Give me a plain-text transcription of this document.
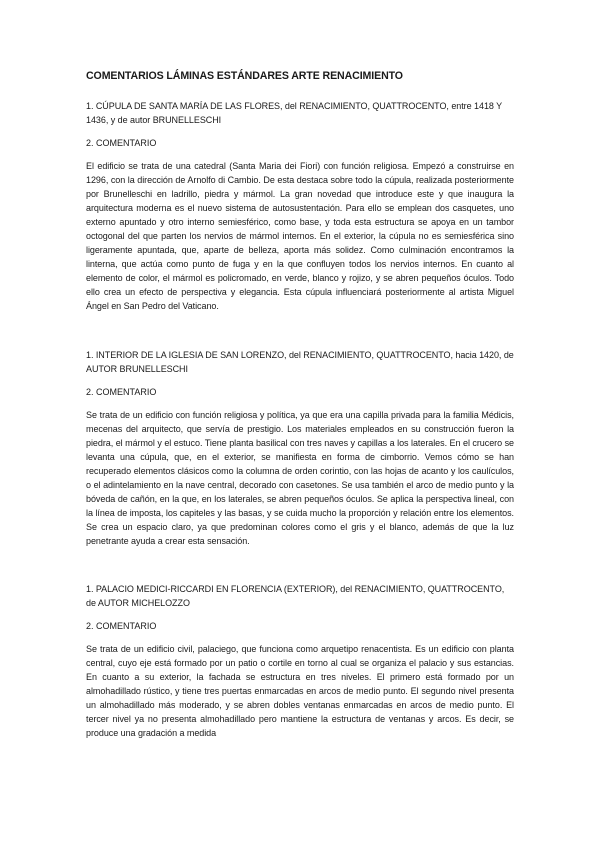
COMENTARIOS LÁMINAS ESTÁNDARES ARTE RENACIMIENTO

1. CÚPULA DE SANTA MARÍA DE LAS FLORES, del RENACIMIENTO, QUATTROCENTO, entre 1418 Y 1436, y de autor BRUNELLESCHI

2. COMENTARIO

El edificio se trata de una catedral (Santa Maria dei Fiori) con función religiosa. Empezó a construirse en 1296, con la dirección de Arnolfo di Cambio. De esta destaca sobre todo la cúpula, realizada posteriormente por Brunelleschi en ladrillo, piedra y mármol. La gran novedad que introduce este y que inaugura la arquitectura moderna es el nuevo sistema de autosustentación. Para ello se emplean dos casquetes, uno externo apuntado y otro interno semiesférico, como base, y toda esta estructura se apoya en un tambor octogonal del que parten los nervios de mármol internos. En el exterior, la cúpula no es semiesférica sino ligeramente apuntada, que, aparte de belleza, aporta más solidez. Como culminación encontramos la linterna, que actúa como punto de fuga y en la que confluyen todos los nervios internos. En cuanto al elemento de color, el mármol es policromado, en verde, blanco y rojizo, y se abren pequeños óculos. Todo ello crea un efecto de perspectiva y elegancia. Esta cúpula influenciará posteriormente al artista Miguel Ángel en San Pedro del Vaticano.

1. INTERIOR DE LA IGLESIA DE SAN LORENZO, del RENACIMIENTO, QUATTROCENTO, hacia 1420, de AUTOR BRUNELLESCHI

2. COMENTARIO

Se trata de un edificio con función religiosa y política, ya que era una capilla privada para la familia Médicis, mecenas del arquitecto, que servía de prestigio. Los materiales empleados en su construcción fueron la piedra, el mármol y el estuco. Tiene planta basilical con tres naves y capillas a los laterales. En el crucero se levanta una cúpula, que, en el exterior, se manifiesta en forma de cimborrio. Vemos cómo se han recuperado elementos clásicos como la columna de orden corintio, con las hojas de acanto y los caulículos, o el adintelamiento en la nave central, decorado con casetones. Se usa también el arco de medio punto y la bóveda de cañón, en la que, en los laterales, se abren pequeños óculos. Se aplica la perspectiva lineal, con la línea de imposta, los capiteles y las basas, y se cuida mucho la proporción y relación entre los elementos. Se crea un espacio claro, ya que predominan colores como el gris y el blanco, además de que la luz penetrante ayuda a crear esta sensación.

1. PALACIO MEDICI-RICCARDI EN FLORENCIA (EXTERIOR), del RENACIMIENTO, QUATTROCENTO, de AUTOR MICHELOZZO

2. COMENTARIO

Se trata de un edificio civil, palaciego, que funciona como arquetipo renacentista. Es un edificio con planta central, cuyo eje está formado por un patio o cortile en torno al cual se organiza el palacio y sus estancias. En cuanto a su exterior, la fachada se estructura en tres niveles. El primero está formado por un almohadillado rústico, y tiene tres puertas enmarcadas en arcos de medio punto. El segundo nivel presenta un almohadillado más moderado, y se abren dobles ventanas enmarcadas en arcos de medio punto. El tercer nivel ya no presenta almohadillado pero mantiene la estructura de ventanas y arcos. Es decir, se produce una gradación a medida
